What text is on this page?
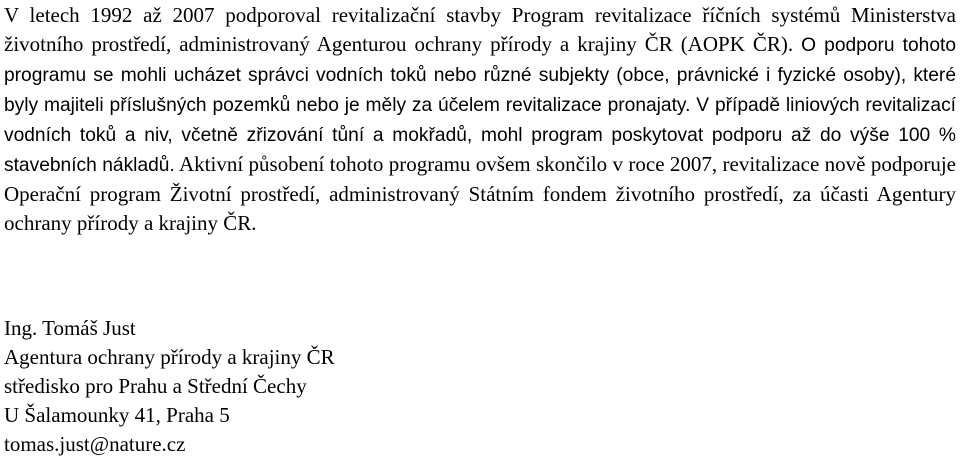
V letech 1992 až 2007 podporoval revitalizační stavby Program revitalizace říčních systémů Ministerstva životního prostředí, administrovaný Agenturou ochrany přírody a krajiny ČR (AOPK ČR). O podporu tohoto programu se mohli ucházet správci vodních toků nebo různé subjekty (obce, právnické i fyzické osoby), které byly majiteli příslušných pozemků nebo je měly za účelem revitalizace pronajaty. V případě liniových revitalizací vodních toků a niv, včetně zřizování tůní a mokřadů, mohl program poskytovat podporu až do výše 100 % stavebních nákladů. Aktivní působení tohoto programu ovšem skončilo v roce 2007, revitalizace nově podporuje Operační program Životní prostředí, administrovaný Státním fondem životního prostředí, za účasti Agentury ochrany přírody a krajiny ČR.

Ing. Tomáš Just
Agentura ochrany přírody a krajiny ČR
středisko pro Prahu a Střední Čechy
U Šalamounky 41, Praha 5
tomas.just@nature.cz
